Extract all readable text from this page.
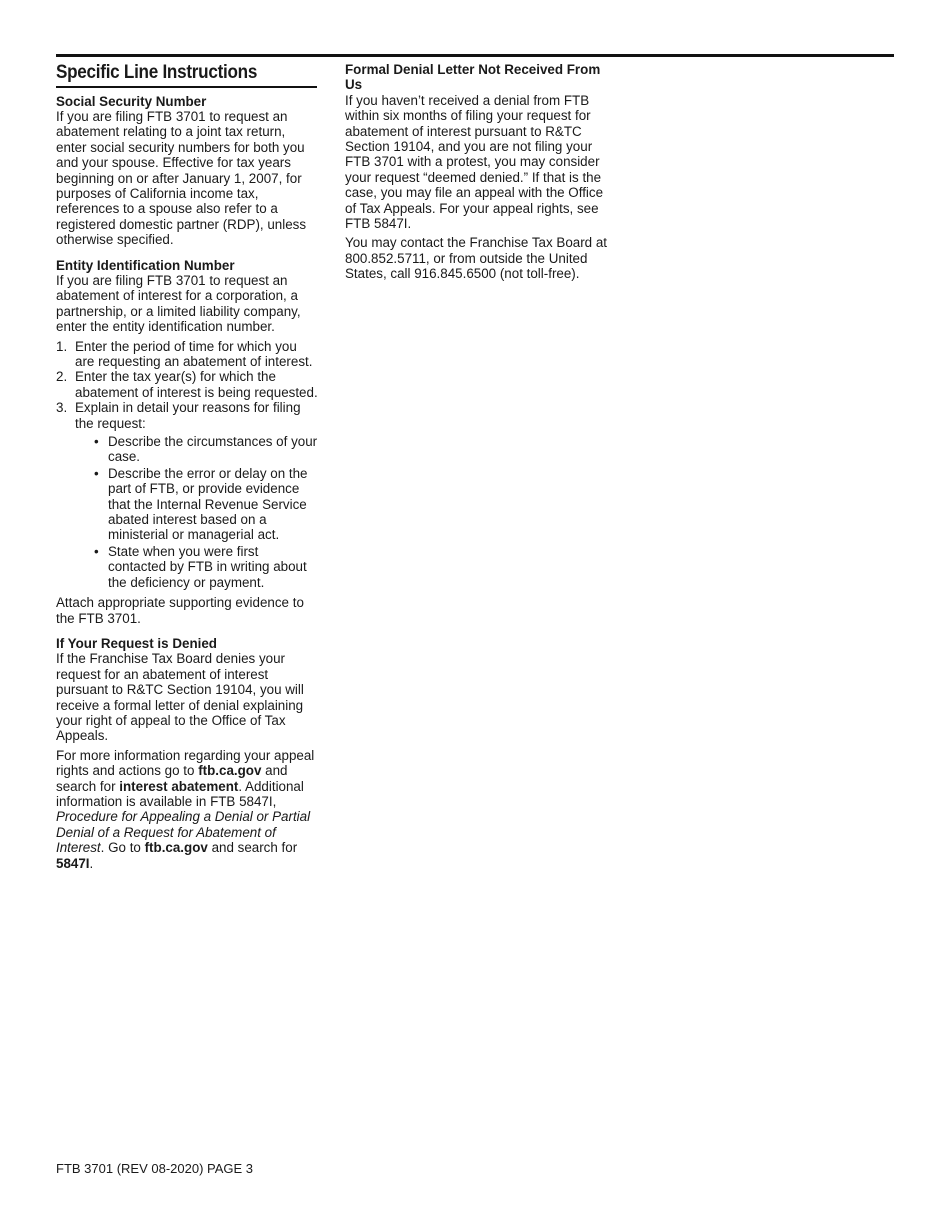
Specific Line Instructions
Social Security Number

If you are filing FTB 3701 to request an abatement relating to a joint tax return, enter social security numbers for both you and your spouse. Effective for tax years beginning on or after January 1, 2007, for purposes of California income tax, references to a spouse also refer to a registered domestic partner (RDP), unless otherwise specified.

Entity Identification Number

If you are filing FTB 3701 to request an abatement of interest for a corporation, a partnership, or a limited liability company, enter the entity identification number.

1. Enter the period of time for which you are requesting an abatement of interest.
2. Enter the tax year(s) for which the abatement of interest is being requested.
3. Explain in detail your reasons for filing the request:
• Describe the circumstances of your case.
• Describe the error or delay on the part of FTB, or provide evidence that the Internal Revenue Service abated interest based on a ministerial or managerial act.
• State when you were first contacted by FTB in writing about the deficiency or payment.

Attach appropriate supporting evidence to the FTB 3701.

If Your Request is Denied

If the Franchise Tax Board denies your request for an abatement of interest pursuant to R&TC Section 19104, you will receive a formal letter of denial explaining your right of appeal to the Office of Tax Appeals.

For more information regarding your appeal rights and actions go to ftb.ca.gov and search for interest abatement. Additional information is available in FTB 5847I, Procedure for Appealing a Denial or Partial Denial of a Request for Abatement of Interest. Go to ftb.ca.gov and search for 5847I.

Formal Denial Letter Not Received From Us

If you haven’t received a denial from FTB within six months of filing your request for abatement of interest pursuant to R&TC Section 19104, and you are not filing your FTB 3701 with a protest, you may consider your request “deemed denied.” If that is the case, you may file an appeal with the Office of Tax Appeals. For your appeal rights, see FTB 5847I.

You may contact the Franchise Tax Board at 800.852.5711, or from outside the United States, call 916.845.6500 (not toll-free).

FTB 3701 (REV 08-2020) PAGE 3
